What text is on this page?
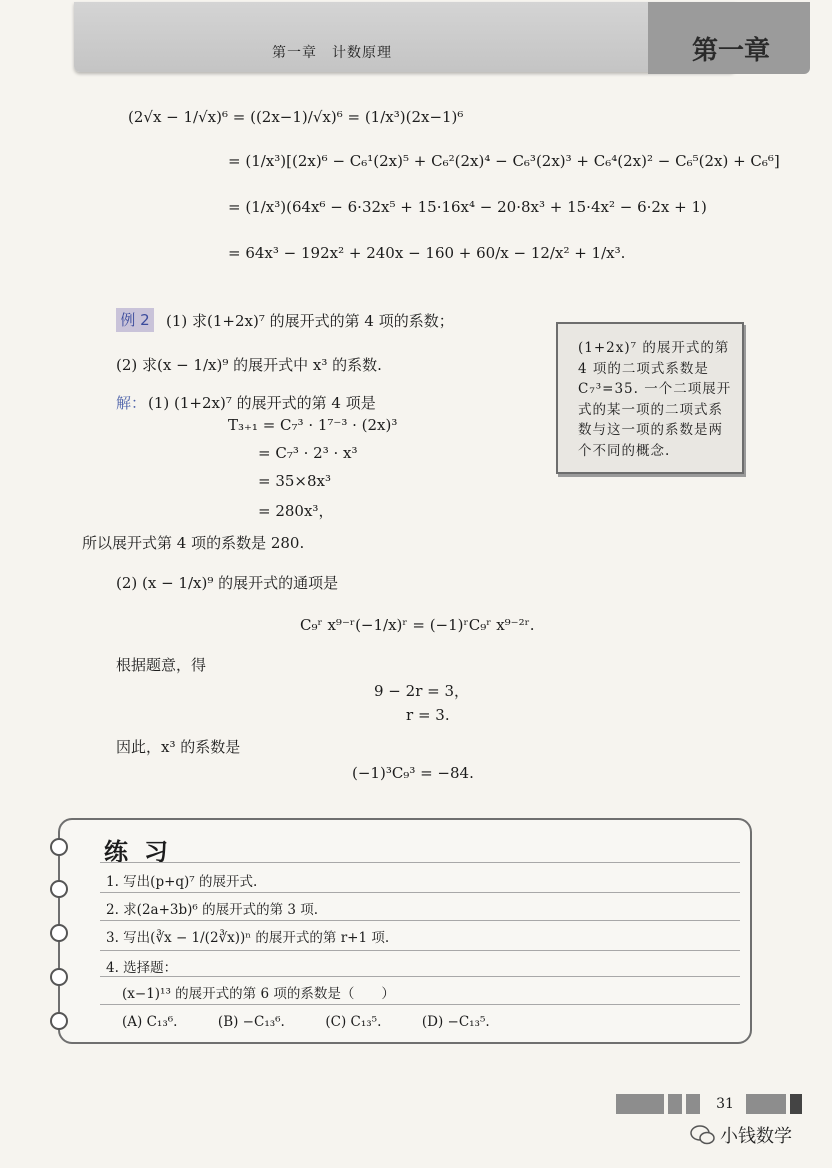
第一章　计数原理	第一章
(2√x − 1/√x)⁶ = ((2x−1)/√x)⁶ = (1/x³)(2x−1)⁶
= (1/x³)[(2x)⁶ − C₆¹(2x)⁵ + C₆²(2x)⁴ − C₆³(2x)³ + C₆⁴(2x)² − C₆⁵(2x) + C₆⁶]
= (1/x³)(64x⁶ − 6·32x⁵ + 15·16x⁴ − 20·8x³ + 15·4x² − 6·2x + 1)
= 64x³ − 192x² + 240x − 160 + 60/x − 12/x² + 1/x³.
例 2 (1) 求(1+2x)⁷ 的展开式的第 4 项的系数；
(2) 求(x − 1/x)⁹ 的展开式中 x³ 的系数.
解： (1) (1+2x)⁷ 的展开式的第 4 项是
T₃₊₁ = C₇³ · 1⁷⁻³ · (2x)³
= C₇³ · 2³ · x³
= 35×8x³
= 280x³，
所以展开式第 4 项的系数是 280.
(2) (x − 1/x)⁹ 的展开式的通项是
C₉ʳ x⁹⁻ʳ(−1/x)ʳ = (−1)ʳC₉ʳ x⁹⁻²ʳ.
根据题意，得
9 − 2r = 3，
r = 3.
因此，x³ 的系数是
(−1)³C₉³ = −84.

(1+2x)⁷ 的展开式的第 4 项的二项式系数是 C₇³=35. 一个二项展开式的某一项的二项式系数与这一项的系数是两个不同的概念.

练习
1. 写出(p+q)⁷ 的展开式.
2. 求(2a+3b)⁶ 的展开式的第 3 项.
3. 写出(∛x − 1/(2∛x))ⁿ 的展开式的第 r+1 项.
4. 选择题：
(x−1)¹³ 的展开式的第 6 项的系数是（　　）
(A) C₁₃⁶.　　　(B) −C₁₃⁶.　　　(C) C₁₃⁵.　　　(D) −C₁₃⁵.
31
小钱数学
